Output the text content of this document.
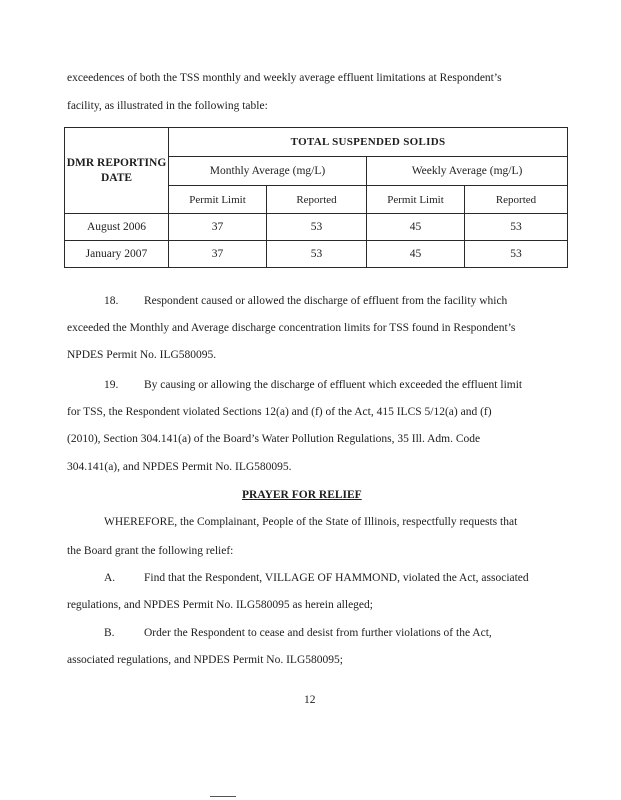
exceedences of both the TSS monthly and weekly average effluent limitations at Respondent’s
facility, as illustrated in the following table:
DMR REPORTING DATE	TOTAL SUSPENDED SOLIDS			
	Monthly Average (mg/L)		Weekly Average (mg/L)	
	Permit Limit	Reported	Permit Limit	Reported
August 2006	37	53	45	53
January 2007	37	53	45	53
18. Respondent caused or allowed the discharge of effluent from the facility which
exceeded the Monthly and Average discharge concentration limits for TSS found in Respondent’s
NPDES Permit No. ILG580095.
19. By causing or allowing the discharge of effluent which exceeded the effluent limit
for TSS, the Respondent violated Sections 12(a) and (f) of the Act, 415 ILCS 5/12(a) and (f)
(2010), Section 304.141(a) of the Board’s Water Pollution Regulations, 35 Ill. Adm. Code
304.141(a), and NPDES Permit No. ILG580095.
PRAYER FOR RELIEF
WHEREFORE, the Complainant, People of the State of Illinois, respectfully requests that
the Board grant the following relief:
A.	Find that the Respondent, VILLAGE OF HAMMOND, violated the Act, associated
regulations, and NPDES Permit No. ILG580095 as herein alleged;
B.	Order the Respondent to cease and desist from further violations of the Act,
associated regulations, and NPDES Permit No. ILG580095;
12
